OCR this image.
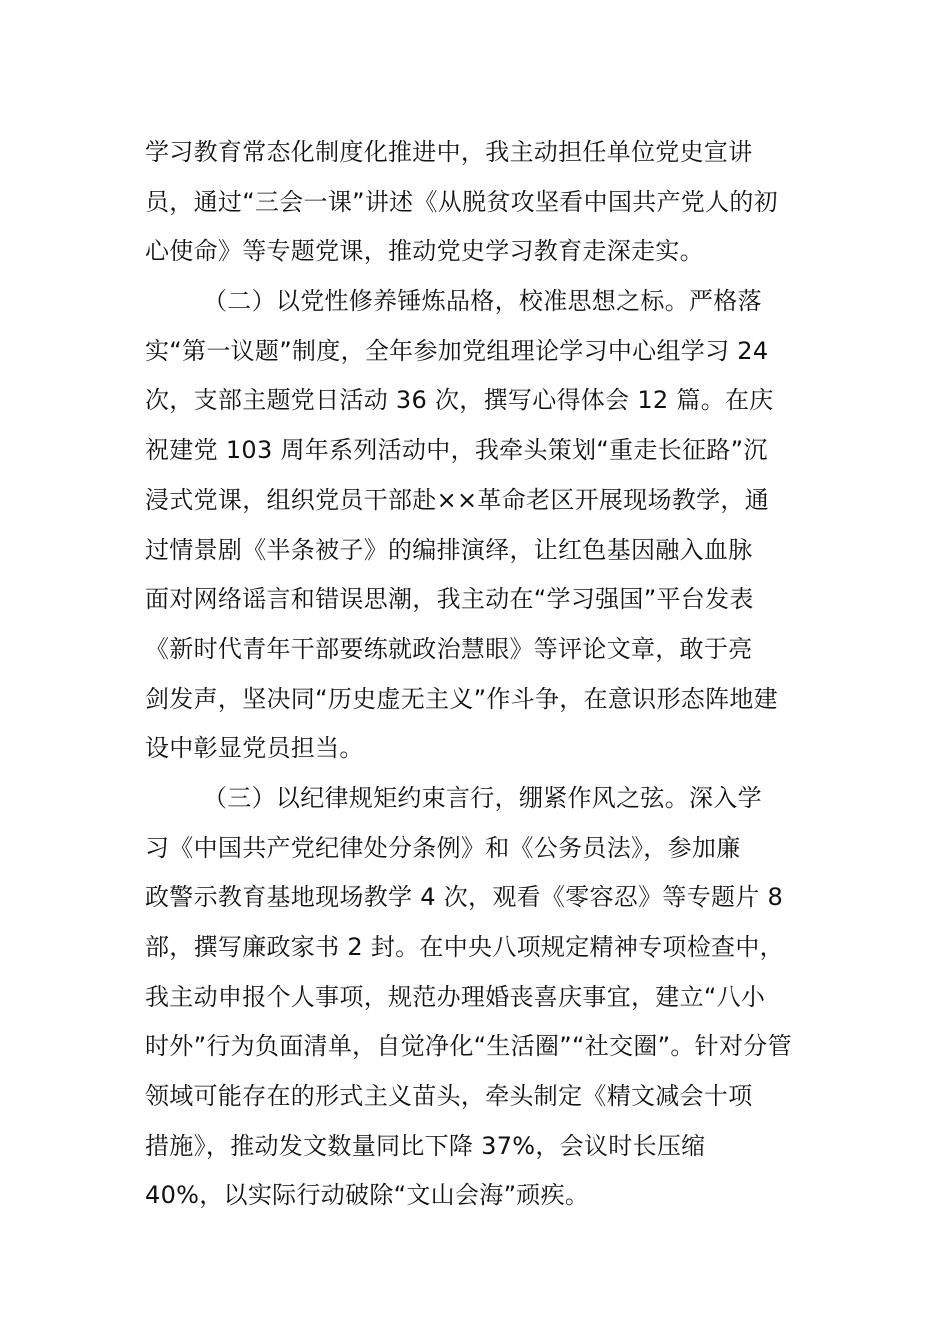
学习教育常态化制度化推进中，我主动担任单位党史宣讲
员，通过“三会一课”讲述《从脱贫攻坚看中国共产党人的初
心使命》等专题党课，推动党史学习教育走深走实。
（二）以党性修养锤炼品格，校准思想之标。严格落
实“第一议题”制度，全年参加党组理论学习中心组学习 24
次，支部主题党日活动 36 次，撰写心得体会 12 篇。在庆
祝建党 103 周年系列活动中，我牵头策划“重走长征路”沉
浸式党课，组织党员干部赴××革命老区开展现场教学，通
过情景剧《半条被子》的编排演绎，让红色基因融入血脉
面对网络谣言和错误思潮，我主动在“学习强国”平台发表
《新时代青年干部要练就政治慧眼》等评论文章，敢于亮
剑发声，坚决同“历史虚无主义”作斗争，在意识形态阵地建
设中彰显党员担当。
（三）以纪律规矩约束言行，绷紧作风之弦。深入学
习《中国共产党纪律处分条例》和《公务员法》，参加廉
政警示教育基地现场教学 4 次，观看《零容忍》等专题片 8
部，撰写廉政家书 2 封。在中央八项规定精神专项检查中，
我主动申报个人事项，规范办理婚丧喜庆事宜，建立“八小
时外”行为负面清单，自觉净化“生活圈”“社交圈”。针对分管
领域可能存在的形式主义苗头，牵头制定《精文减会十项
措施》，推动发文数量同比下降 37%，会议时长压缩
40%，以实际行动破除“文山会海”顽疾。
